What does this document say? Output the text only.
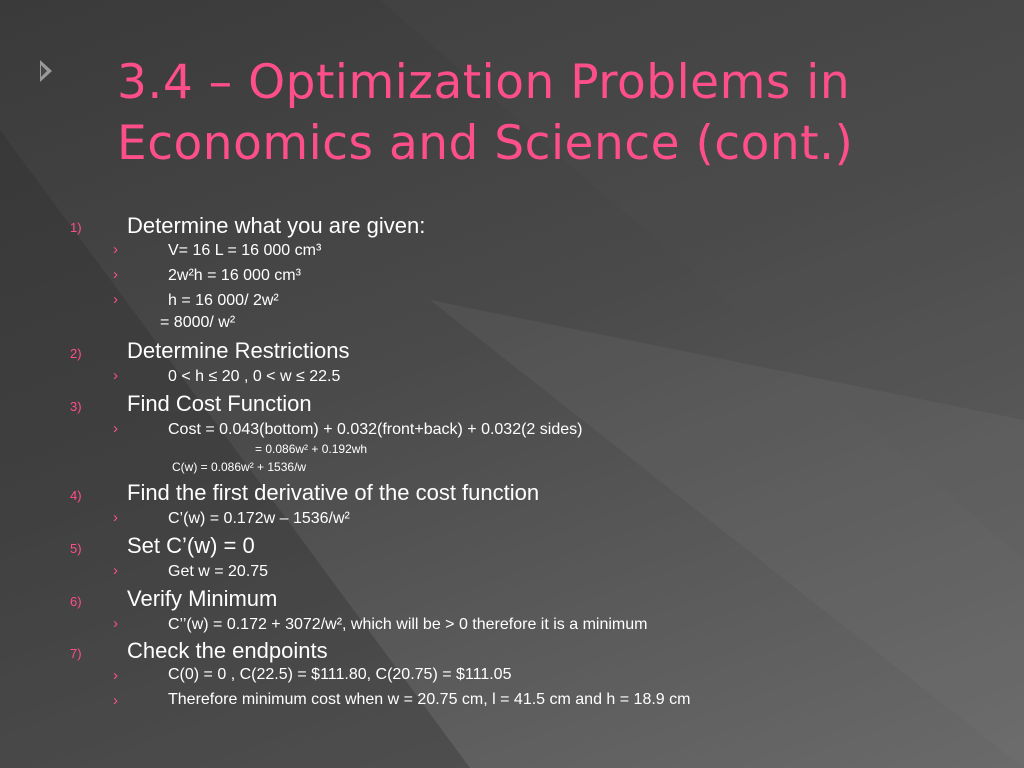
3.4 – Optimization Problems in
Economics and Science (cont.)
1) Determine what you are given:
›	V= 16 L = 16 000 cm³
›	2w²h = 16 000 cm³
›	h = 16 000/ 2w²
= 8000/ w²
2) Determine Restrictions
›	0 < h ≤ 20 , 0 < w ≤ 22.5
3) Find Cost Function
›	Cost = 0.043(bottom) + 0.032(front+back) + 0.032(2 sides)
= 0.086w² + 0.192wh
C(w) = 0.086w² + 1536/w
4) Find the first derivative of the cost function
›	C’(w) = 0.172w – 1536/w²
5) Set C’(w) = 0
›	Get w = 20.75
6) Verify Minimum
›	C’’(w) = 0.172 + 3072/w², which will be > 0 therefore it is a minimum
7) Check the endpoints
›	C(0) = 0 , C(22.5) = $111.80, C(20.75) = $111.05
›	Therefore minimum cost when w = 20.75 cm, l = 41.5 cm and h = 18.9 cm
